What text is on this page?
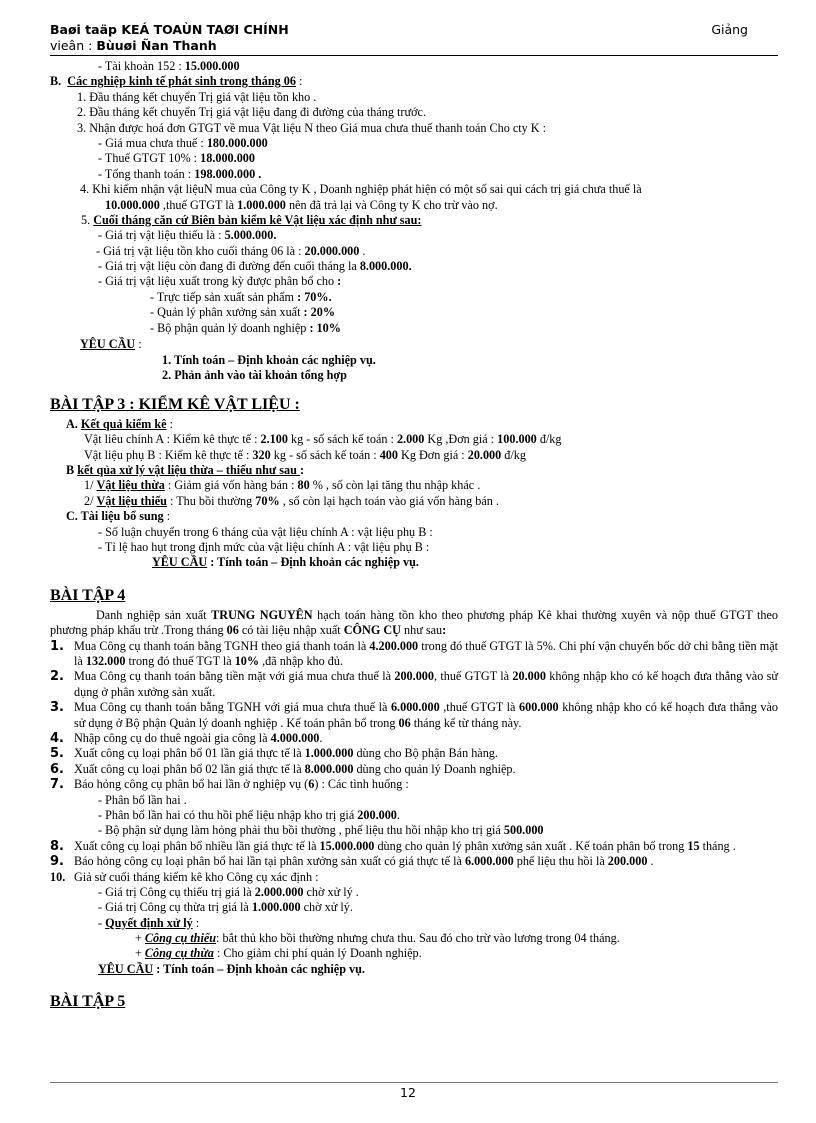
Baøi taäp KEÁ TOAÙN TAØI CHÍNH
vieân : Bùuøi Ñan Thanh
Giảng
- Tài khoản 152 : 15.000.000
B. Các nghiệp kinh tế phát sinh trong tháng 06 :
1. Đầu tháng kết chuyển Trị giá vật liệu tồn kho .
2. Đầu tháng kết chuyển Trị giá vật liệu đang đi đường của tháng trước.
3. Nhận được hoá đơn GTGT về mua Vật liệu N theo Giá mua chưa thuế thanh toán Cho cty K :
- Giá mua chưa thuế : 180.000.000
- Thuế GTGT 10% : 18.000.000
- Tổng thanh toán : 198.000.000 .
4. Khi kiểm nhận vật liệuN mua của Công ty K , Doanh nghiệp phát hiện có một số sai qui cách trị giá chưa thuế là
10.000.000 ,thuế GTGT là 1.000.000 nên đã trả lại và Công ty K cho trừ vào nợ.
5. Cuối tháng căn cứ Biên bản kiểm kê Vật liệu xác định như sau:
- Giá trị vật liệu thiếu là : 5.000.000.
- Giá trị vật liệu tồn kho cuối tháng 06 là : 20.000.000 .
- Giá trị vật liệu còn đang đi đường đến cuối tháng la 8.000.000.
- Giá trị vật liệu xuất trong kỳ được phân bổ cho :
- Trực tiếp sản xuất sản phẩm : 70%.
- Quản lý phân xưởng sản xuất : 20%
- Bộ phận quản lý doanh nghiệp : 10%
YÊU CẦU :
1. Tính toán – Định khoản các nghiệp vụ.
2. Phản ảnh vào tài khoản tổng hợp
BÀI TẬP 3 : KIỂM KÊ VẬT LIỆU :
A. Kết quả kiểm kê :
Vật liêu chính A : Kiểm kê thực tế : 2.100 kg - số sách kế toán : 2.000 Kg ,Đơn giá : 100.000 đ/kg
Vật liệu phụ B : Kiểm kê thực tế : 320 kg - số sách kế toán : 400 Kg Đơn giá : 20.000 đ/kg
B kết qủa xử lý vật liệu thừa – thiếu như sau :
1/ Vật liệu thừa : Giảm giá vốn hàng bán : 80 % , số còn lại tăng thu nhập khác .
2/ Vật liệu thiếu : Thu bồi thường 70% , số còn lại hạch toán vào giá vốn hàng bán .
C. Tài liệu bổ sung :
- Số luận chuyển trong 6 tháng của vật liệu chính A : vật liệu phụ B :
- Tỉ lệ hao hụt trong định mức của vật liệu chính A : vật liệu phụ B :
YÊU CẦU : Tính toán – Định khoản các nghiệp vụ.
BÀI TẬP 4
Danh nghiệp sản xuất TRUNG NGUYÊN hạch toán hàng tồn kho theo phương pháp Kê khai thường xuyên và nộp thuế GTGT theo phương pháp khấu trừ .Trong tháng 06 có tài liệu nhập xuất CÔNG CỤ như sau:
1. Mua Công cụ thanh toán bằng TGNH theo giá thanh toán là 4.200.000 trong đó thuế GTGT là 5%. Chi phí vận chuyển bốc dở chi bằng tiền mặt là 132.000 trong đó thuế TGT là 10% ,đã nhập kho đủ.
2. Mua Công cụ thanh toán bằng tiền mặt với giá mua chưa thuế là 200.000, thuế GTGT là 20.000 không nhập kho có kế hoạch đưa thẳng vào sử dụng ở phân xưởng sản xuất.
3. Mua Công cụ thanh toán bằng TGNH với giá mua chưa thuế là 6.000.000 ,thuế GTGT là 600.000 không nhập kho có kế hoạch đưa thẳng vào sử dụng ở Bộ phận Quản lý doanh nghiệp . Kế toán phân bổ trong 06 tháng kể từ tháng này.
4. Nhập công cụ do thuê ngoài gia công là 4.000.000.
5. Xuất công cụ loại phân bổ 01 lần giá thực tế là 1.000.000 dùng cho Bộ phận Bán hàng.
6. Xuất công cụ loại phân bổ 02 lần giá thực tế là 8.000.000 dùng cho quản lý Doanh nghiệp.
7. Báo hỏng công cụ phân bổ hai lần ở nghiệp vụ (6) : Các tình huống :
- Phân bổ lần hai .
- Phân bổ lần hai có thu hồi phế liệu nhập kho trị giá 200.000.
- Bộ phận sử dụng làm hỏng phải thu bồi thường , phế liệu thu hồi nhập kho trị giá 500.000
8. Xuất công cụ loại phân bổ nhiều lần giá thực tế là 15.000.000 dùng cho quản lý phân xưởng sản xuất . Kế toán phân bổ trong 15 tháng .
9. Báo hỏng công cụ loại phân bổ hai lần tại phân xưởng sản xuất có giá thực tế là 6.000.000 phế liệu thu hồi là 200.000 .
10. Giả sử cuối tháng kiểm kê kho Công cụ xác định :
- Giá trị Công cụ thiếu trị giá là 2.000.000 chờ xử lý .
- Giá trị Công cụ thừa trị giá là 1.000.000 chờ xử lý.
- Quyết định xử lý :
+ Công cụ thiếu: bắt thủ kho bồi thường nhưng chưa thu. Sau đó cho trừ vào lương trong 04 tháng.
+ Công cụ thừa : Cho giảm chi phí quản lý Doanh nghiệp.
YÊU CẦU : Tính toán – Định khoản các nghiệp vụ.
BÀI TẬP 5
12
